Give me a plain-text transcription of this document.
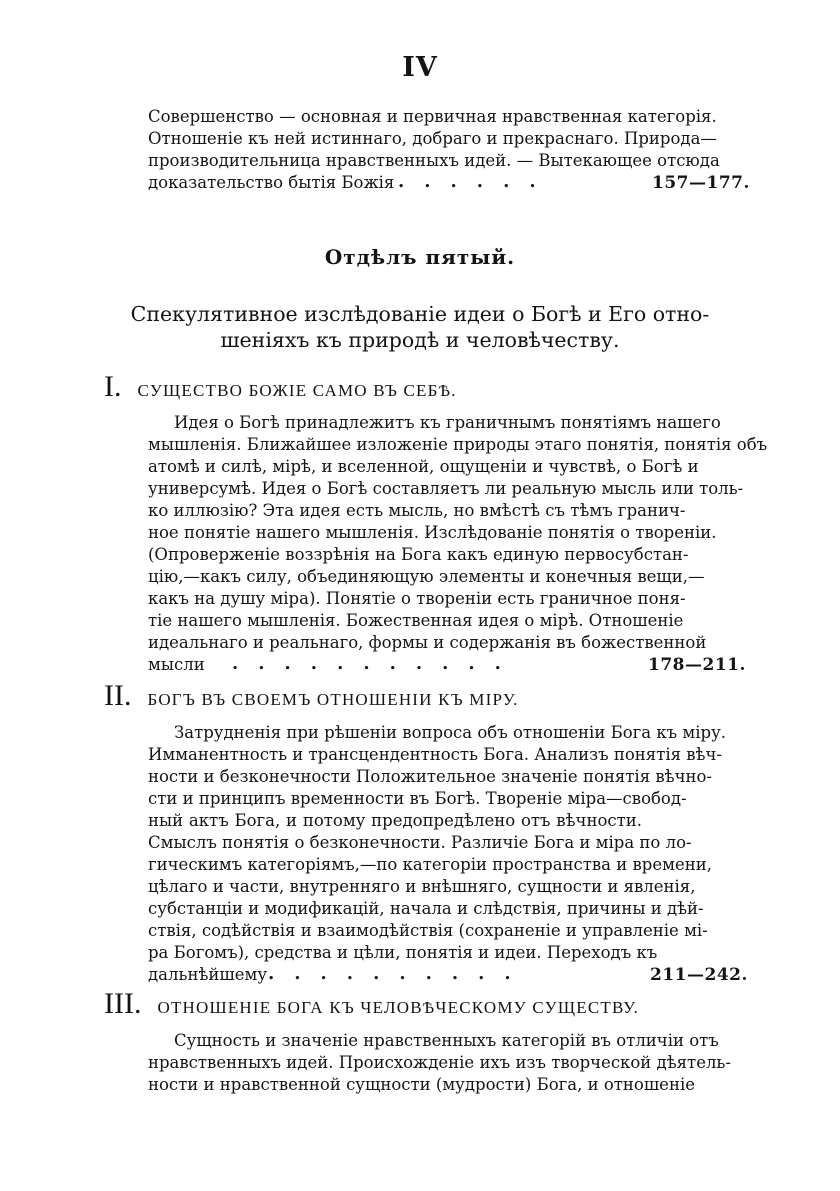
IV
Совершенство — основная и первичная нравственная категорія.
Отношеніе къ ней истиннаго, добраго и прекраснаго. Природа—
производительница нравственныхъ идей. — Вытекающее отсюда
доказательство бытія Божія ......	157—177.
Отдѣлъ пятый.
Спекулятивное изслѣдованіе идеи о Богѣ и Его отно-
шеніяхъ къ природѣ и человѣчеству.
I. СУЩЕСТВО БОЖІЕ САМО ВЪ СЕБѢ.
Идея о Богѣ принадлежитъ къ граничнымъ понятіямъ нашего
мышленія. Ближайшее изложеніе природы этаго понятія, понятія объ
атомѣ и силѣ, мірѣ, и вселенной, ощущеніи и чувствѣ, о Богѣ и
универсумѣ. Идея о Богѣ составляетъ ли реальную мысль или толь-
ко иллюзію? Эта идея есть мысль, но вмѣстѣ съ тѣмъ гранич-
ное понятіе нашего мышленія. Изслѣдованіе понятія о твореніи.
(Опроверженіе воззрѣнія на Бога какъ единую первосубстан-
цію,—какъ силу, объединяющую элементы и конечныя вещи,—
какъ на душу міра). Понятіе о твореніи есть граничное поня-
тіе нашего мышленія. Божественная идея о мірѣ. Отношеніе
идеальнаго и реальнаго, формы и содержанія въ божественной
мысли ...........	178—211.
II. БОГЪ ВЪ СВОЕМЪ ОТНОШЕНІИ КЪ МІРУ.
Затрудненія при рѣшеніи вопроса объ отношеніи Бога къ міру.
Имманентность и трансцендентность Бога. Анализъ понятія вѣч-
ности и безконечности Положительное значеніе понятія вѣчно-
сти и принципъ временности въ Богѣ. Твореніе міра—свобод-
ный актъ Бога, и потому предопредѣлено отъ вѣчности.
Смыслъ понятія о безконечности. Различіе Бога и міра по ло-
гическимъ категоріямъ,—по категоріи пространства и времени,
цѣлаго и части, внутренняго и внѣшняго, сущности и явленія,
субстанціи и модификацій, начала и слѣдствія, причины и дѣй-
ствія, содѣйствія и взаимодѣйствія (сохраненіе и управленіе мі-
ра Богомъ), средства и цѣли, понятія и идеи. Переходъ къ
дальнѣйшему ..........	211—242.
III. ОТНОШЕНІЕ БОГА КЪ ЧЕЛОВѢЧЕСКОМУ СУЩЕСТВУ.
Сущность и значеніе нравственныхъ категорій въ отличіи отъ
нравственныхъ идей. Происхожденіе ихъ изъ творческой дѣятель-
ности и нравственной сущности (мудрости) Бога, и отношеніе
